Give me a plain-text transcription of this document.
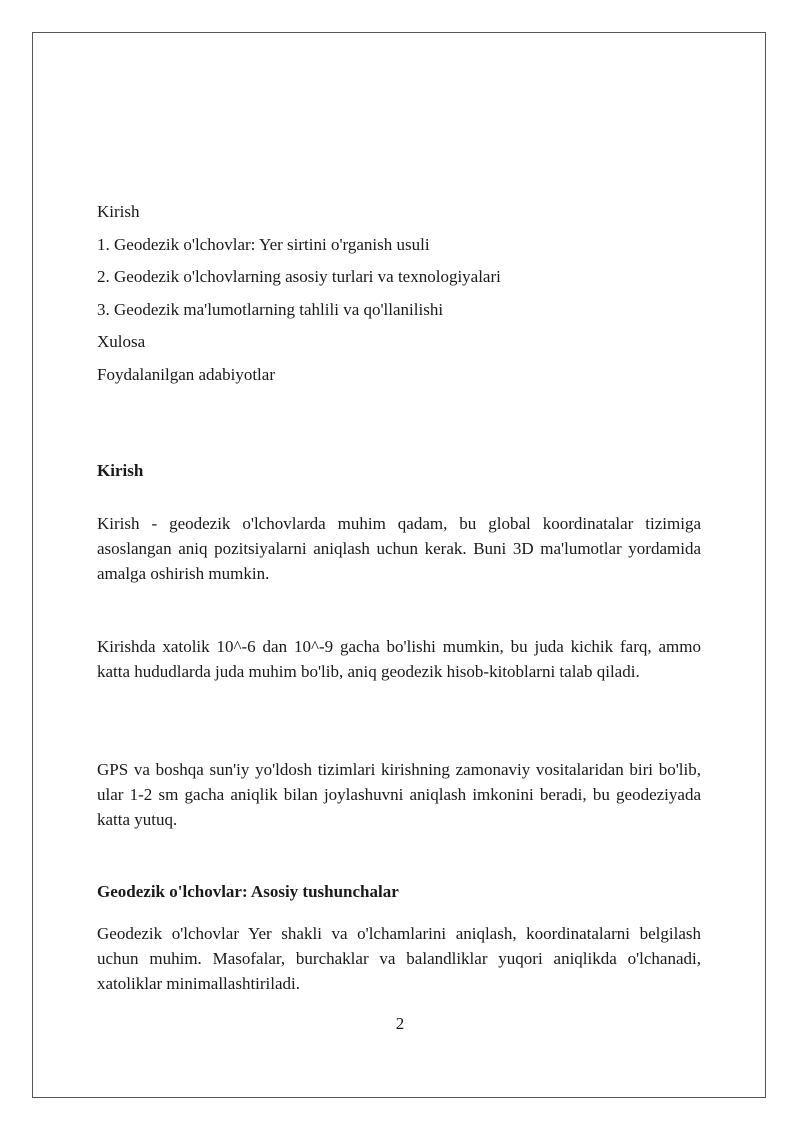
Kirish
1. Geodezik o'lchovlar: Yer sirtini o'rganish usuli
2. Geodezik o'lchovlarning asosiy turlari va texnologiyalari
3. Geodezik ma'lumotlarning tahlili va qo'llanilishi
Xulosa
Foydalanilgan adabiyotlar
Kirish
Kirish - geodezik o'lchovlarda muhim qadam, bu global koordinatalar tizimiga asoslangan aniq pozitsiyalarni aniqlash uchun kerak. Buni 3D ma'lumotlar yordamida amalga oshirish mumkin.
Kirishda xatolik 10^-6 dan 10^-9 gacha bo'lishi mumkin, bu juda kichik farq, ammo katta hududlarda juda muhim bo'lib, aniq geodezik hisob-kitoblarni talab qiladi.
GPS va boshqa sun'iy yo'ldosh tizimlari kirishning zamonaviy vositalaridan biri bo'lib, ular 1-2 sm gacha aniqlik bilan joylashuvni aniqlash imkonini beradi, bu geodeziyada katta yutuq.
Geodezik o'lchovlar: Asosiy tushunchalar
Geodezik o'lchovlar Yer shakli va o'lchamlarini aniqlash, koordinatalarni belgilash uchun muhim. Masofalar, burchaklar va balandliklar yuqori aniqlikda o'lchanadi, xatoliklar minimallashtiriladi.
2
